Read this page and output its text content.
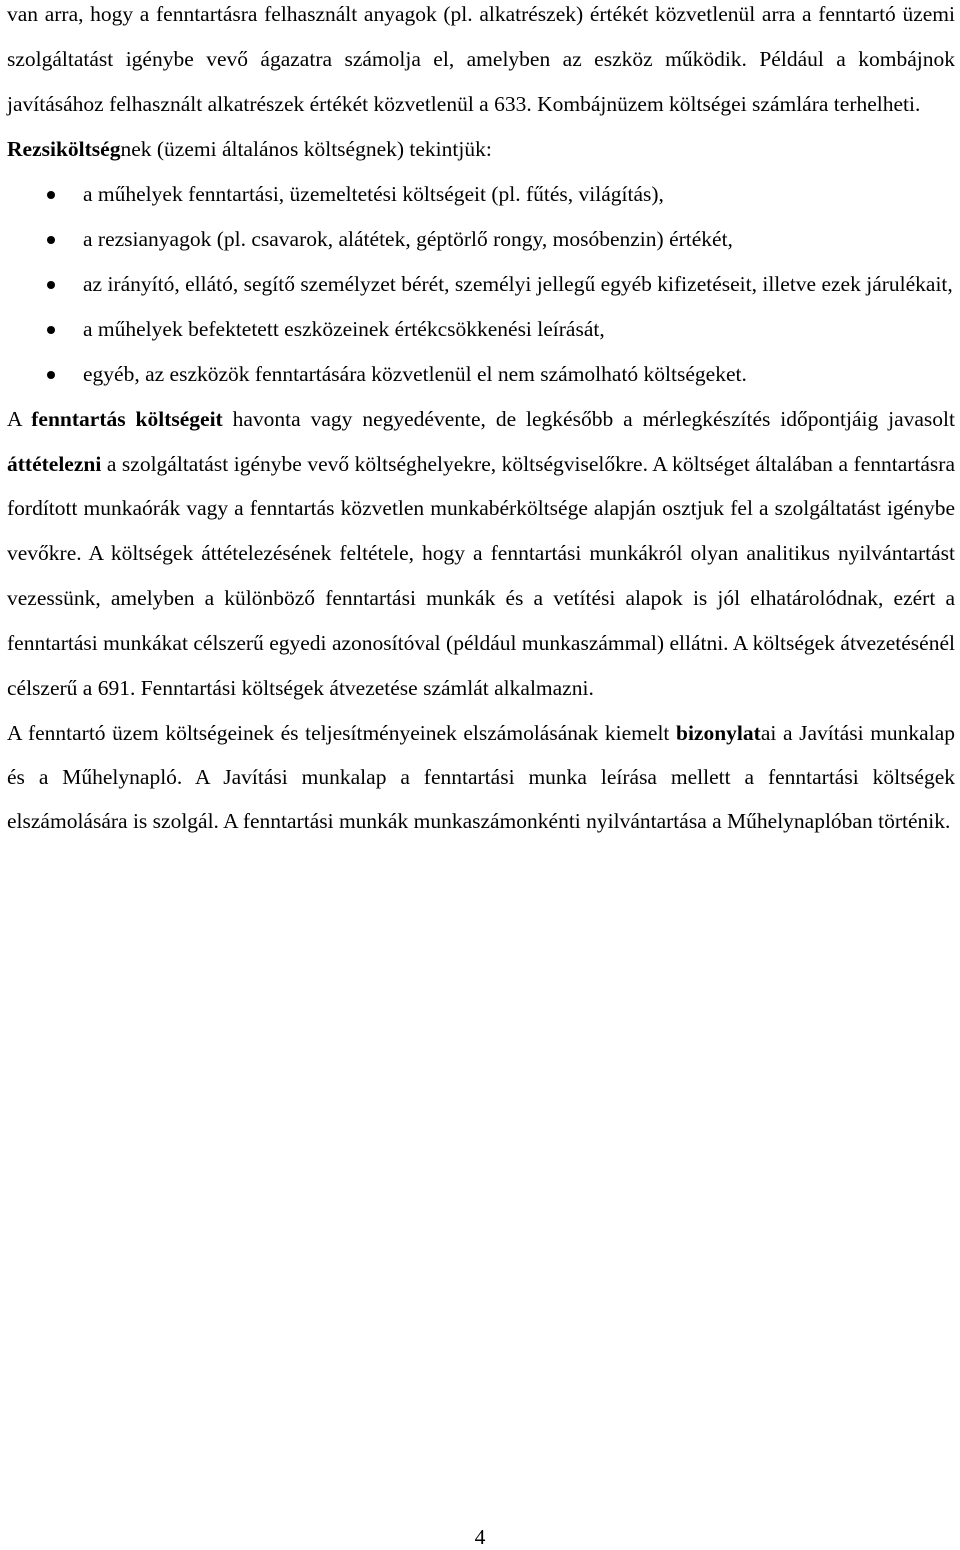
van arra, hogy a fenntartásra felhasznált anyagok (pl. alkatrészek) értékét közvetlenül arra a fenntartó üzemi szolgáltatást igénybe vevő ágazatra számolja el, amelyben az eszköz működik. Például a kombájnok javításához felhasznált alkatrészek értékét közvetlenül a 633. Kombájnüzem költségei számlára terhelheti.

Rezsiköltségnek (üzemi általános költségnek) tekintjük:

a műhelyek fenntartási, üzemeltetési költségeit (pl. fűtés, világítás),
a rezsianyagok (pl. csavarok, alátétek, géptörlő rongy, mosóbenzin) értékét,
az irányító, ellátó, segítő személyzet bérét, személyi jellegű egyéb kifizetéseit, illetve ezek járulékait,
a műhelyek befektetett eszközeinek értékcsökkenési leírását,
egyéb, az eszközök fenntartására közvetlenül el nem számolható költségeket.

A fenntartás költségeit havonta vagy negyedévente, de legkésőbb a mérlegkészítés időpontjáig javasolt áttételezni a szolgáltatást igénybe vevő költséghelyekre, költségviselőkre. A költséget általában a fenntartásra fordított munkaórák vagy a fenntartás közvetlen munkabérköltsége alapján osztjuk fel a szolgáltatást igénybe vevőkre. A költségek áttételezésének feltétele, hogy a fenntartási munkákról olyan analitikus nyilvántartást vezessünk, amelyben a különböző fenntartási munkák és a vetítési alapok is jól elhatárolódnak, ezért a fenntartási munkákat célszerű egyedi azonosítóval (például munkaszámmal) ellátni. A költségek átvezetésénél célszerű a 691. Fenntartási költségek átvezetése számlát alkalmazni.

A fenntartó üzem költségeinek és teljesítményeinek elszámolásának kiemelt bizonylatai a Javítási munkalap és a Műhelynapló. A Javítási munkalap a fenntartási munka leírása mellett a fenntartási költségek elszámolására is szolgál. A fenntartási munkák munkaszámonkénti nyilvántartása a Műhelynaplóban történik.

4
